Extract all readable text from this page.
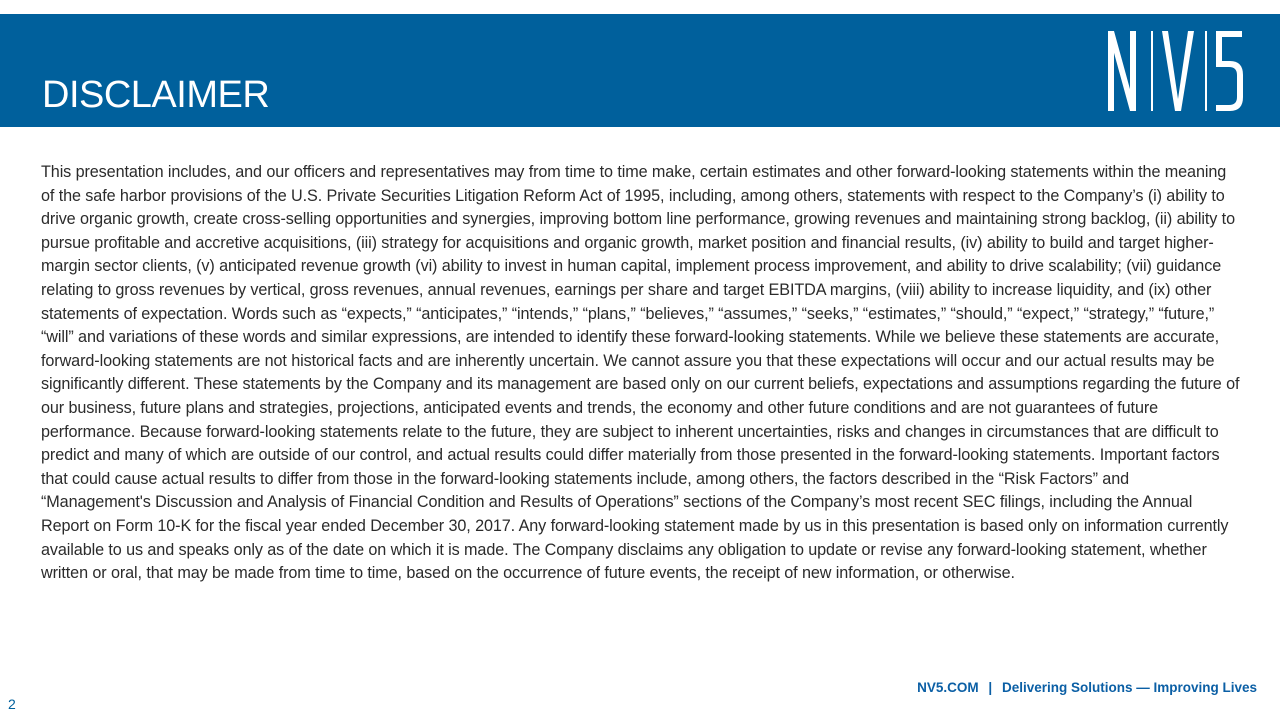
DISCLAIMER

This presentation includes, and our officers and representatives may from time to time make, certain estimates and other forward-looking statements within the meaning of the safe harbor provisions of the U.S. Private Securities Litigation Reform Act of 1995, including, among others, statements with respect to the Company’s (i) ability to drive organic growth, create cross-selling opportunities and synergies, improving bottom line performance, growing revenues and maintaining strong backlog, (ii) ability to pursue profitable and accretive acquisitions, (iii) strategy for acquisitions and organic growth, market position and financial results, (iv) ability to build and target higher-margin sector clients, (v) anticipated revenue growth (vi) ability to invest in human capital, implement process improvement, and ability to drive scalability; (vii) guidance relating to gross revenues by vertical, gross revenues, annual revenues, earnings per share and target EBITDA margins, (viii) ability to increase liquidity, and (ix) other statements of expectation. Words such as “expects,” “anticipates,” “intends,” “plans,” “believes,” “assumes,” “seeks,” “estimates,” “should,” “expect,” “strategy,” “future,” “will” and variations of these words and similar expressions, are intended to identify these forward-looking statements. While we believe these statements are accurate, forward-looking statements are not historical facts and are inherently uncertain. We cannot assure you that these expectations will occur and our actual results may be significantly different. These statements by the Company and its management are based only on our current beliefs, expectations and assumptions regarding the future of our business, future plans and strategies, projections, anticipated events and trends, the economy and other future conditions and are not guarantees of future performance. Because forward-looking statements relate to the future, they are subject to inherent uncertainties, risks and changes in circumstances that are difficult to predict and many of which are outside of our control, and actual results could differ materially from those presented in the forward-looking statements. Important factors that could cause actual results to differ from those in the forward-looking statements include, among others, the factors described in the “Risk Factors” and “Management's Discussion and Analysis of Financial Condition and Results of Operations” sections of the Company’s most recent SEC filings, including the Annual Report on Form 10-K for the fiscal year ended December 30, 2017. Any forward-looking statement made by us in this presentation is based only on information currently available to us and speaks only as of the date on which it is made. The Company disclaims any obligation to update or revise any forward-looking statement, whether written or oral, that may be made from time to time, based on the occurrence of future events, the receipt of new information, or otherwise.

NV5.COM | Delivering Solutions — Improving Lives
2
